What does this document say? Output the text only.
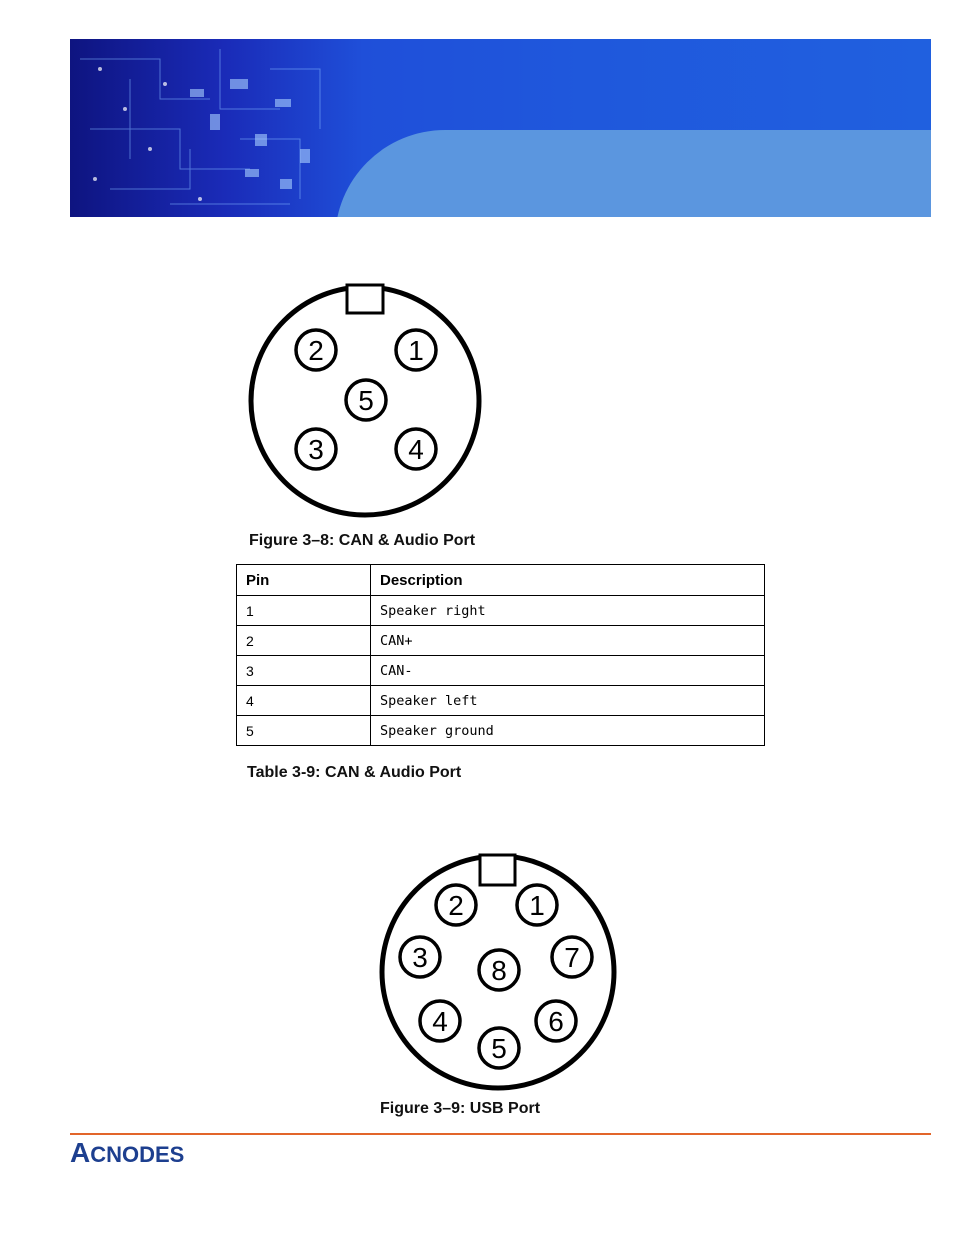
2	1
5
3	4
Figure 3–8: CAN & Audio Port
Pin	Description
1	Speaker right
2	CAN+
3	CAN-
4	Speaker left
5	Speaker ground
Table 3-9: CAN & Audio Port
2 1
3 8 7
4	6
5
Figure 3–9: USB Port
ACNODES
